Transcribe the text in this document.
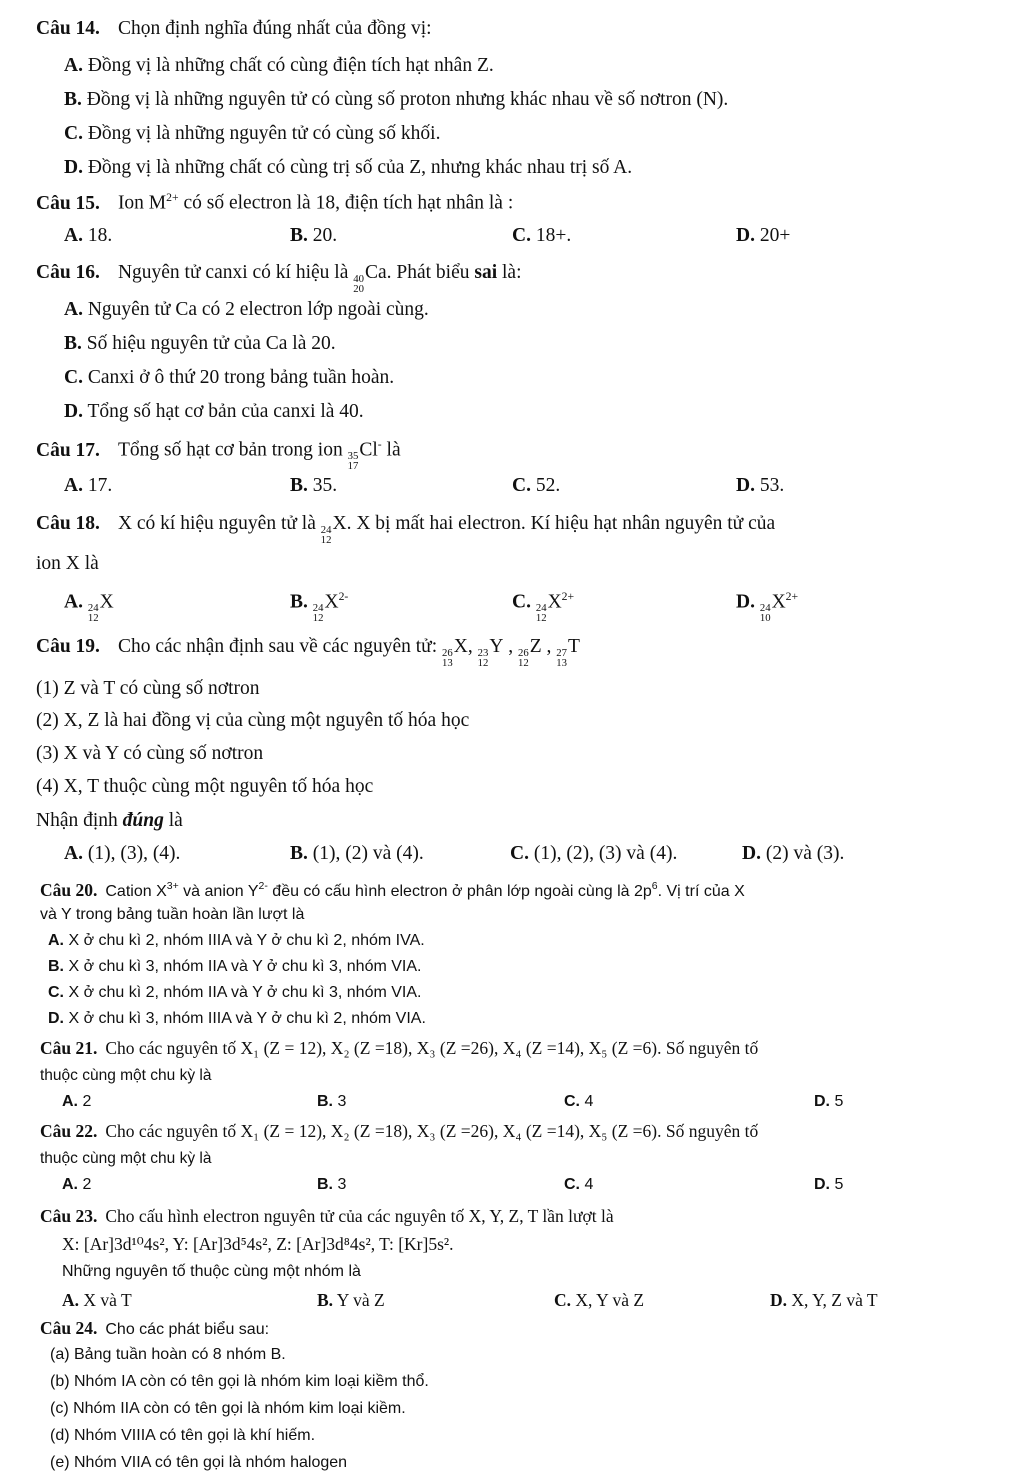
Câu 14. Chọn định nghĩa đúng nhất của đồng vị:
A. Đồng vị là những chất có cùng điện tích hạt nhân Z.
B. Đồng vị là những nguyên tử có cùng số proton nhưng khác nhau về số nơtron (N).
C. Đồng vị là những nguyên tử có cùng số khối.
D. Đồng vị là những chất có cùng trị số của Z, nhưng khác nhau trị số A.
Câu 15. Ion $M^{2+}$ có số electron là 18, điện tích hạt nhân là :
A. 18.	B. 20.	C. 18+.	D. 20+
Câu 16. Nguyên tử canxi có kí hiệu là 40
20
Ca. Phát biểu sai là:
A. Nguyên tử Ca có 2 electron lớp ngoài cùng.
B. Số hiệu nguyên tử của Ca là 20.
C. Canxi ở ô thứ 20 trong bảng tuần hoàn.
D. Tổng số hạt cơ bản của canxi là 40.
Câu 17. Tổng số hạt cơ bản trong ion 35
17
Cl- là
A. 17.	B. 35.	C. 52.	D. 53.
Câu 18. X có kí hiệu nguyên tử là 24
12
X. X bị mất hai electron. Kí hiệu hạt nhân nguyên tử của
ion X là
A. 24
12
X	B. 24
12
$X^{2-}$	C. 24
12
$X^{2+}$	D. 24
10
$X^{2+}$
Câu 19. Cho các nhận định sau về các nguyên tử: 26
13
X, 23
12
Y , 26
12
Z , 27
13
T
(1) Z và T có cùng số nơtron
(2) X, Z là hai đồng vị của cùng một nguyên tố hóa học
(3) X và Y có cùng số nơtron
(4) X, T thuộc cùng một nguyên tố hóa học
Nhận định đúng là
A. (1), (3), (4).	B. (1), (2) và (4).	C. (1), (2), (3) và (4).	D. (2) và (3).
Câu 20. Cation $X^{3+}$ và anion $Y^{2-}$ đều có cấu hình electron ở phân lớp ngoài cùng là $2p^6$. Vị trí của X
và Y trong bảng tuần hoàn lần lượt là
A. X ở chu kì 2, nhóm IIIA và Y ở chu kì 2, nhóm IVA.
B. X ở chu kì 3, nhóm IIA và Y ở chu kì 3, nhóm VIA.
C. X ở chu kì 2, nhóm IIA và Y ở chu kì 3, nhóm VIA.
D. X ở chu kì 3, nhóm IIIA và Y ở chu kì 2, nhóm VIA.
Câu 21. Cho các nguyên tố X₁ (Z = 12), X₂ (Z =18), X₃ (Z =26), X₄ (Z =14), X₅ (Z =6). Số nguyên tố
thuộc cùng một chu kỳ là
A. 2	B. 3	C. 4	D. 5
Câu 22. Cho các nguyên tố X₁ (Z = 12), X₂ (Z =18), X₃ (Z =26), X₄ (Z =14), X₅ (Z =6). Số nguyên tố
thuộc cùng một chu kỳ là
A. 2	B. 3	C. 4	D. 5
Câu 23. Cho cấu hình electron nguyên tử của các nguyên tố X, Y, Z, T lần lượt là
X: [Ar]3d¹⁰4s², Y: [Ar]3d⁵4s², Z: [Ar]3d⁸4s², T: [Kr]5s².
Những nguyên tố thuộc cùng một nhóm là
A. X và T	B. Y và Z	C. X, Y và Z	D. X, Y, Z và T
Câu 24. Cho các phát biểu sau:
(a) Bảng tuần hoàn có 8 nhóm B.
(b) Nhóm IA còn có tên gọi là nhóm kim loại kiềm thổ.
(c) Nhóm IIA còn có tên gọi là nhóm kim loại kiềm.
(d) Nhóm VIIIA có tên gọi là khí hiếm.
(e) Nhóm VIIA có tên gọi là nhóm halogen
